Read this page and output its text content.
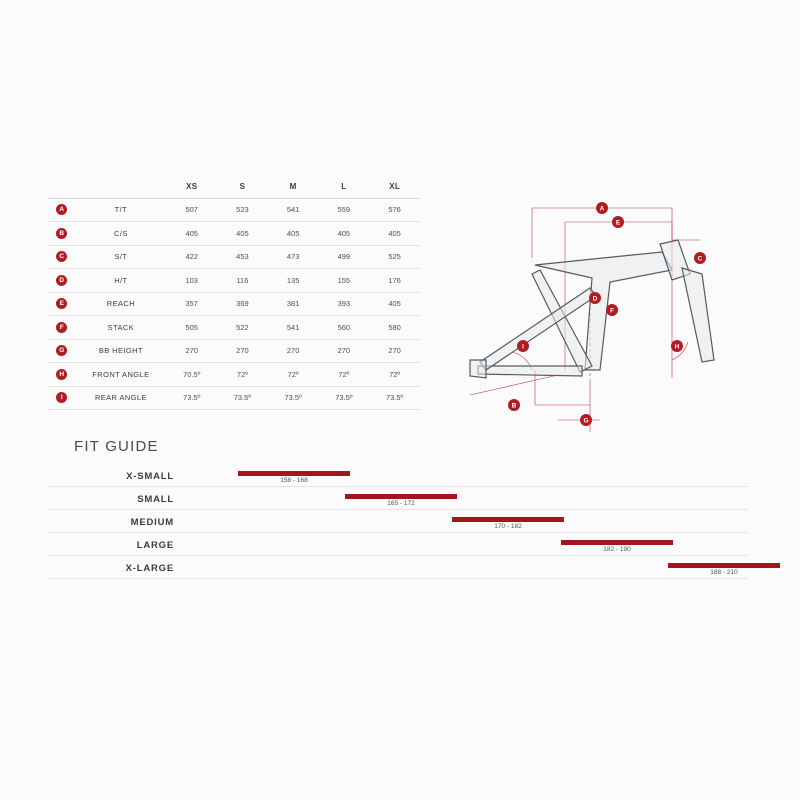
		XS	S	M	L	XL
A	T/T	507	523	541	559	576
B	C/S	405	405	405	405	405
C	S/T	422	453	473	499	525
D	H/T	103	116	135	155	176
E	REACH	357	369	381	393	405
F	STACK	505	522	541	560	580
G	BB HEIGHT	270	270	270	270	270
H	FRONT ANGLE	70.5º	72º	72º	72º	72º
I	REAR ANGLE	73.5º	73.5º	73.5º	73.5º	73.5º
A
E
C
D
F
H
I
B
G
FIT GUIDE
X-SMALL	158 - 168
SMALL	165 - 172
MEDIUM	170 - 182
LARGE	182 - 190
X-LARGE	188 - 210
